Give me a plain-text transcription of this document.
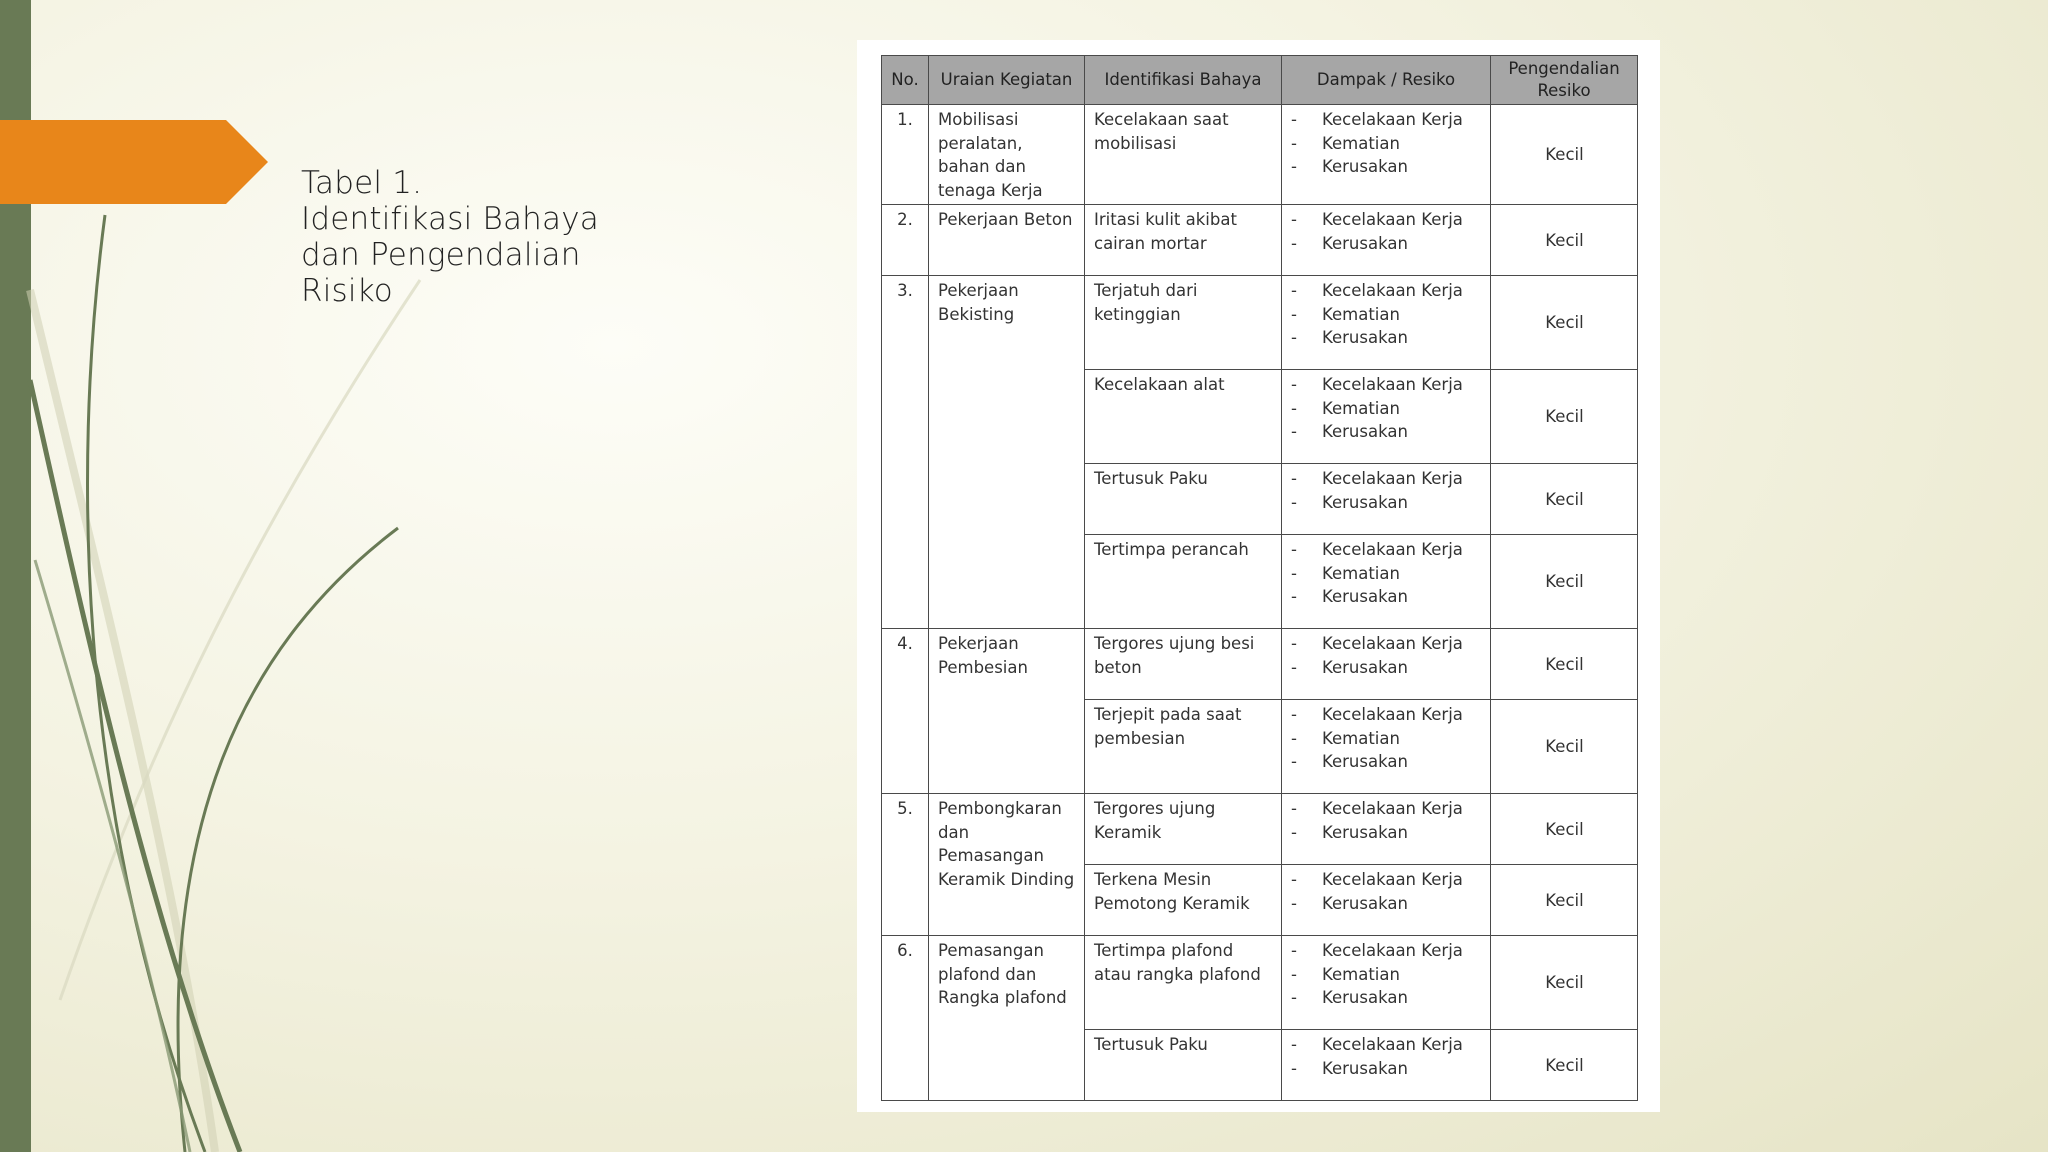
Tabel 1.
Identifikasi Bahaya
dan Pengendalian
Risiko
No.	Uraian Kegiatan	Identifikasi Bahaya	Dampak / Resiko	Pengendalian Resiko
1.	Mobilisasi peralatan, bahan dan tenaga Kerja	Kecelakaan saat mobilisasi	- Kecelakaan Kerja
- Kematian
- Kerusakan	Kecil
2.	Pekerjaan Beton	Iritasi kulit akibat cairan mortar	- Kecelakaan Kerja
- Kerusakan	Kecil
3.	Pekerjaan Bekisting	Terjatuh dari ketinggian	- Kecelakaan Kerja
- Kematian
- Kerusakan	Kecil
		Kecelakaan alat	- Kecelakaan Kerja
- Kematian
- Kerusakan	Kecil
		Tertusuk Paku	- Kecelakaan Kerja
- Kerusakan	Kecil
		Tertimpa perancah	- Kecelakaan Kerja
- Kematian
- Kerusakan	Kecil
4.	Pekerjaan Pembesian	Tergores ujung besi beton	- Kecelakaan Kerja
- Kerusakan	Kecil
		Terjepit pada saat pembesian	- Kecelakaan Kerja
- Kematian
- Kerusakan	Kecil
5.	Pembongkaran dan Pemasangan Keramik Dinding	Tergores ujung Keramik	- Kecelakaan Kerja
- Kerusakan	Kecil
		Terkena Mesin Pemotong Keramik	- Kecelakaan Kerja
- Kerusakan	Kecil
6.	Pemasangan plafond dan Rangka plafond	Tertimpa plafond atau rangka plafond	- Kecelakaan Kerja
- Kematian
- Kerusakan	Kecil
		Tertusuk Paku	- Kecelakaan Kerja
- Kerusakan	Kecil
